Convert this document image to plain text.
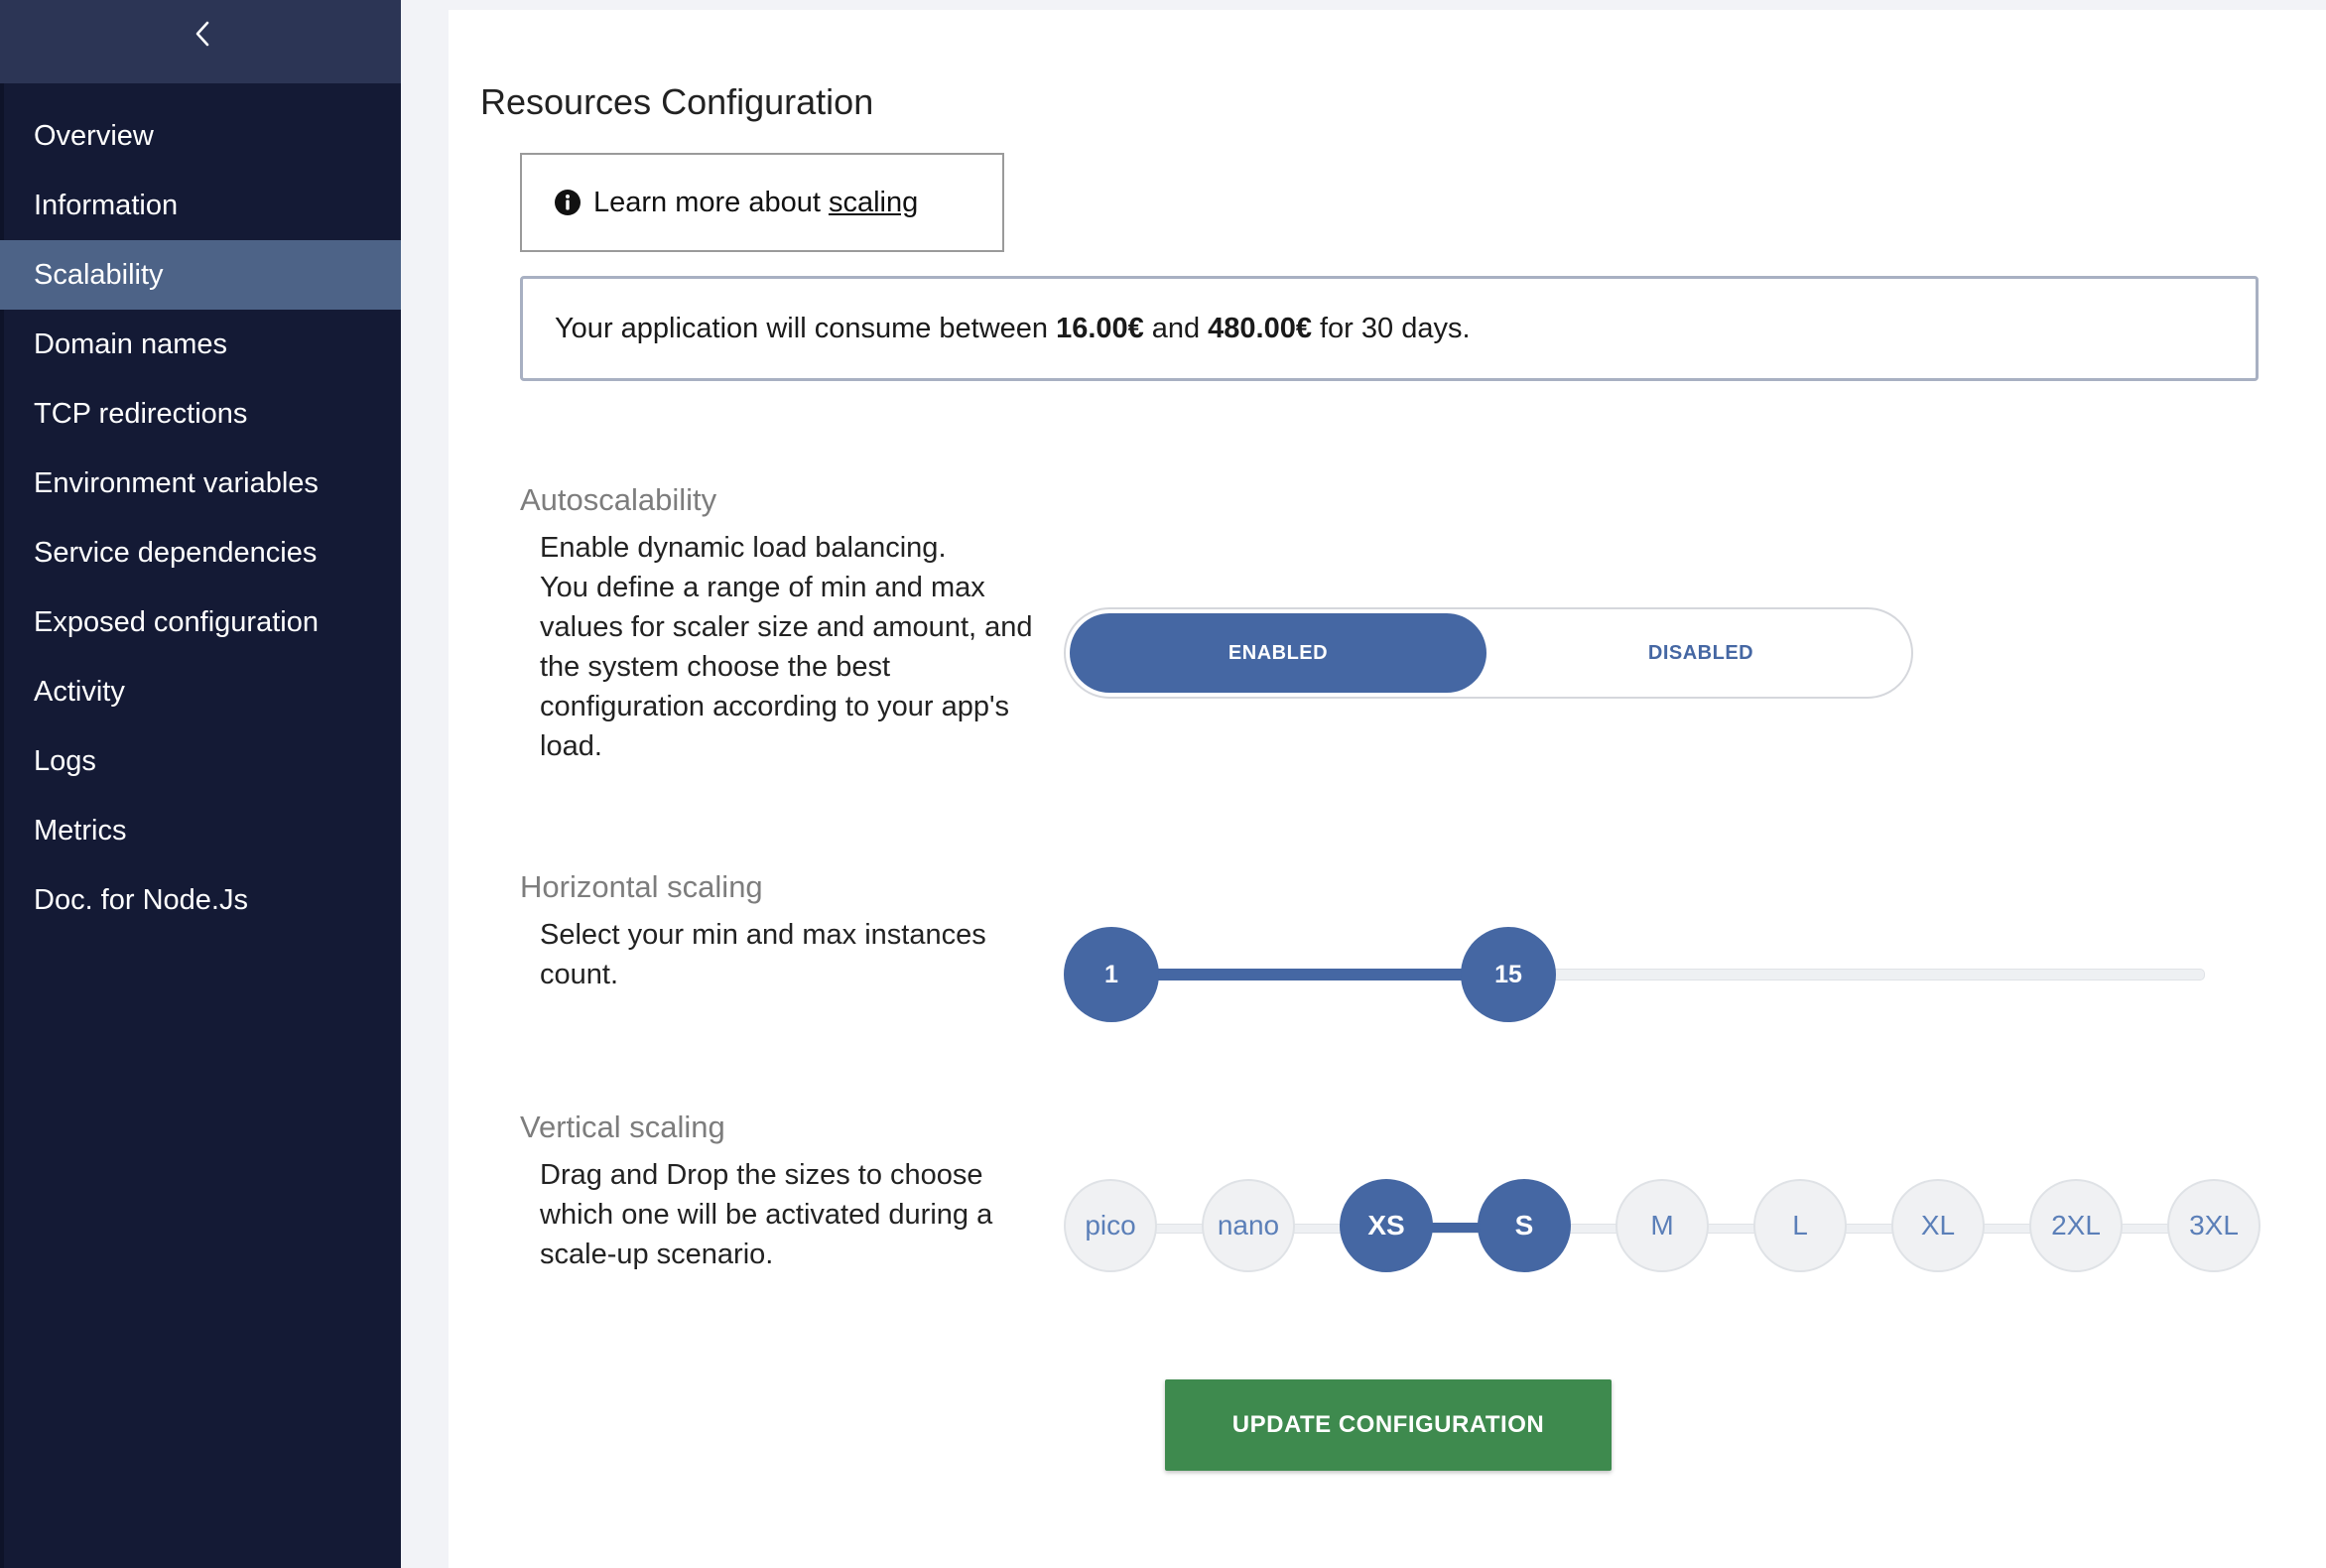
Overview
Information
Scalability
Domain names
TCP redirections
Environment variables
Service dependencies
Exposed configuration
Activity
Logs
Metrics
Doc. for Node.Js
Resources Configuration
Learn more about scaling
Your application will consume between 16.00€ and 480.00€ for 30 days.
Autoscalability
Enable dynamic load balancing.
You define a range of min and max
values for scaler size and amount, and
the system choose the best
configuration according to your app's
load.
ENABLED	DISABLED
Horizontal scaling
Select your min and max instances
count.	1	15
Vertical scaling
Drag and Drop the sizes to choose
which one will be activated during a
scale-up scenario.
pico	nano	XS	S	M	L	XL	2XL	3XL
UPDATE CONFIGURATION
